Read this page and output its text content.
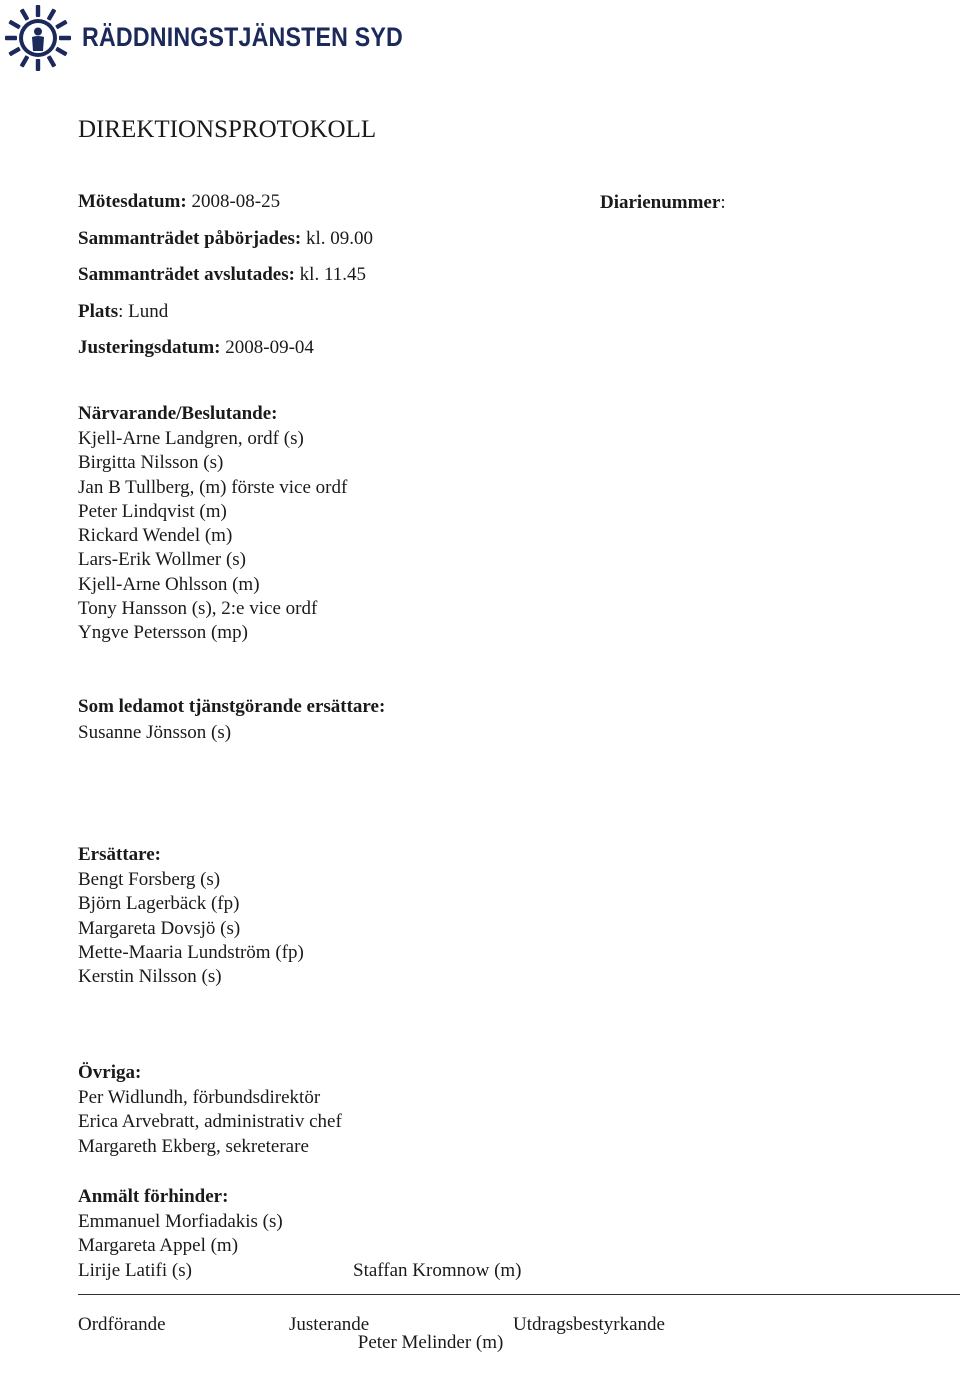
RÄDDNINGSTJÄNSTEN SYD
DIREKTIONSPROTOKOLL
Mötesdatum: 2008-08-25	Diarienummer:
Sammanträdet påbörjades: kl. 09.00
Sammanträdet avslutades: kl. 11.45
Plats: Lund
Justeringsdatum: 2008-09-04
Närvarande/Beslutande:
Kjell-Arne Landgren, ordf (s)
Birgitta Nilsson (s)
Jan B Tullberg, (m) förste vice ordf
Peter Lindqvist (m)
Rickard Wendel (m)
Lars-Erik Wollmer (s)
Kjell-Arne Ohlsson (m)
Tony Hansson (s), 2:e vice ordf
Yngve Petersson (mp)
Som ledamot tjänstgörande ersättare:
Susanne Jönsson (s)
Ersättare:
Bengt Forsberg (s)
Björn Lagerbäck (fp)
Margareta Dovsjö (s)
Mette-Maaria Lundström (fp)
Kerstin Nilsson (s)
Övriga:
Per Widlundh, förbundsdirektör
Erica Arvebratt, administrativ chef
Margareth Ekberg, sekreterare
Anmält förhinder:
Emmanuel Morfiadakis (s)
Margareta Appel (m)
Lirije Latifi (s)

	Staffan Kromnow (m)

Peter Melinder (m)

Ordförande	Justerande	Utdragsbestyrkande
